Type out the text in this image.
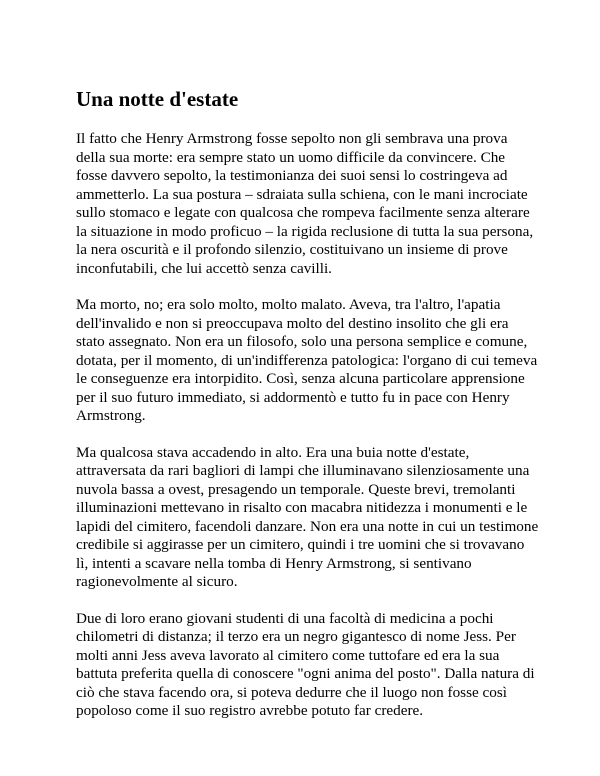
Una notte d'estate

Il fatto che Henry Armstrong fosse sepolto non gli sembrava una prova
della sua morte: era sempre stato un uomo difficile da convincere. Che
fosse davvero sepolto, la testimonianza dei suoi sensi lo costringeva ad
ammetterlo. La sua postura – sdraiata sulla schiena, con le mani incrociate
sullo stomaco e legate con qualcosa che rompeva facilmente senza alterare
la situazione in modo proficuo – la rigida reclusione di tutta la sua persona,
la nera oscurità e il profondo silenzio, costituivano un insieme di prove
inconfutabili, che lui accettò senza cavilli.

Ma morto, no; era solo molto, molto malato. Aveva, tra l'altro, l'apatia
dell'invalido e non si preoccupava molto del destino insolito che gli era
stato assegnato. Non era un filosofo, solo una persona semplice e comune,
dotata, per il momento, di un'indifferenza patologica: l'organo di cui temeva
le conseguenze era intorpidito. Così, senza alcuna particolare apprensione
per il suo futuro immediato, si addormentò e tutto fu in pace con Henry
Armstrong.

Ma qualcosa stava accadendo in alto. Era una buia notte d'estate,
attraversata da rari bagliori di lampi che illuminavano silenziosamente una
nuvola bassa a ovest, presagendo un temporale. Queste brevi, tremolanti
illuminazioni mettevano in risalto con macabra nitidezza i monumenti e le
lapidi del cimitero, facendoli danzare. Non era una notte in cui un testimone
credibile si aggirasse per un cimitero, quindi i tre uomini che si trovavano
lì, intenti a scavare nella tomba di Henry Armstrong, si sentivano
ragionevolmente al sicuro.

Due di loro erano giovani studenti di una facoltà di medicina a pochi
chilometri di distanza; il terzo era un negro gigantesco di nome Jess. Per
molti anni Jess aveva lavorato al cimitero come tuttofare ed era la sua
battuta preferita quella di conoscere "ogni anima del posto". Dalla natura di
ciò che stava facendo ora, si poteva dedurre che il luogo non fosse così
popoloso come il suo registro avrebbe potuto far credere.
